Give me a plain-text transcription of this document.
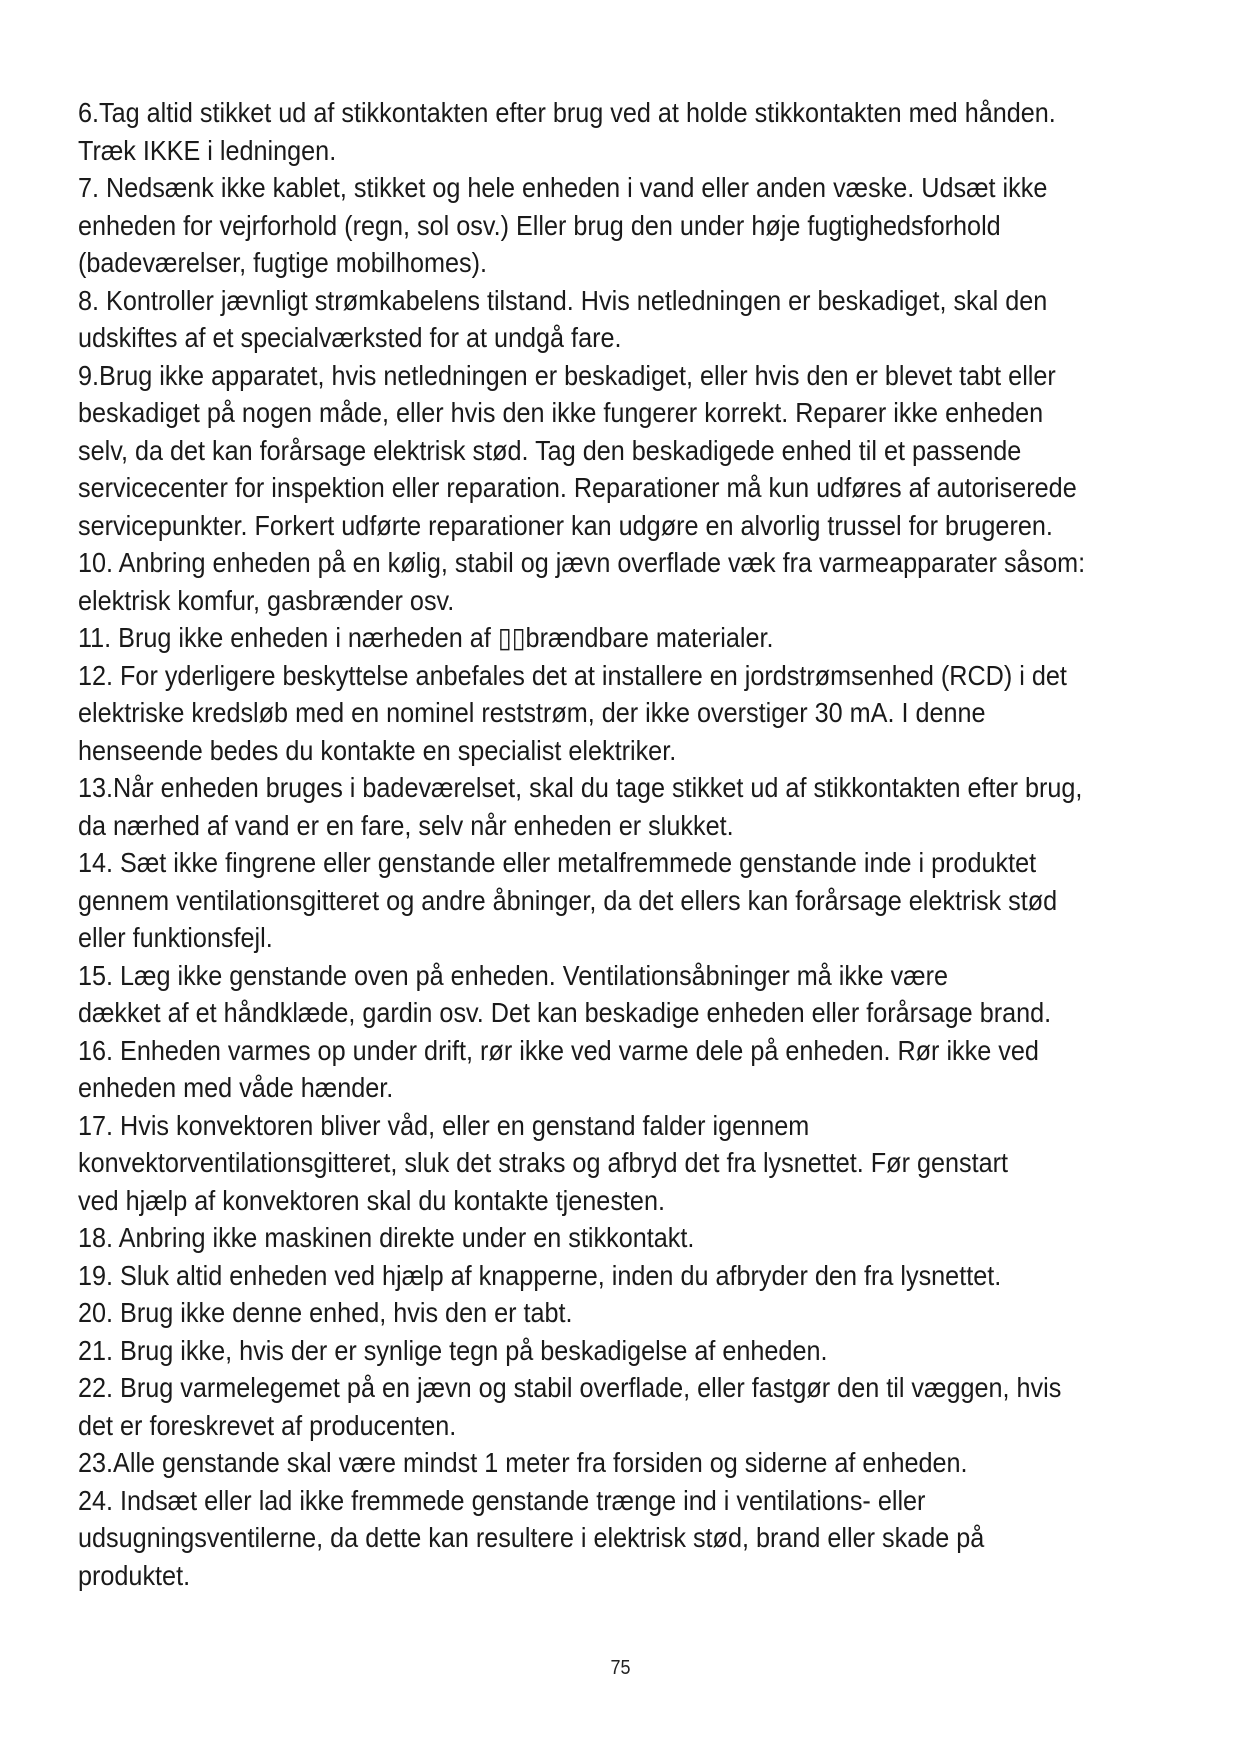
6.Tag altid stikket ud af stikkontakten efter brug ved at holde stikkontakten med hånden.
Træk IKKE i ledningen.

7. Nedsænk ikke kablet, stikket og hele enheden i vand eller anden væske. Udsæt ikke
enheden for vejrforhold (regn, sol osv.) Eller brug den under høje fugtighedsforhold
(badeværelser, fugtige mobilhomes).

8. Kontroller jævnligt strømkabelens tilstand. Hvis netledningen er beskadiget, skal den
udskiftes af et specialværksted for at undgå fare.

9.Brug ikke apparatet, hvis netledningen er beskadiget, eller hvis den er blevet tabt eller
beskadiget på nogen måde, eller hvis den ikke fungerer korrekt. Reparer ikke enheden
selv, da det kan forårsage elektrisk stød. Tag den beskadigede enhed til et passende
servicecenter for inspektion eller reparation. Reparationer må kun udføres af autoriserede
servicepunkter. Forkert udførte reparationer kan udgøre en alvorlig trussel for brugeren.

10. Anbring enheden på en kølig, stabil og jævn overflade væk fra varmeapparater såsom:
elektrisk komfur, gasbrænder osv.

11. Brug ikke enheden i nærheden af ▯▯brændbare materialer.

12. For yderligere beskyttelse anbefales det at installere en jordstrømsenhed (RCD) i det
elektriske kredsløb med en nominel reststrøm, der ikke overstiger 30 mA. I denne
henseende bedes du kontakte en specialist elektriker.

13.Når enheden bruges i badeværelset, skal du tage stikket ud af stikkontakten efter brug,
da nærhed af vand er en fare, selv når enheden er slukket.

14. Sæt ikke fingrene eller genstande eller metalfremmede genstande inde i produktet
gennem ventilationsgitteret og andre åbninger, da det ellers kan forårsage elektrisk stød
eller funktionsfejl.

15. Læg ikke genstande oven på enheden. Ventilationsåbninger må ikke være
dækket af et håndklæde, gardin osv. Det kan beskadige enheden eller forårsage brand.

16. Enheden varmes op under drift, rør ikke ved varme dele på enheden. Rør ikke ved
enheden med våde hænder.

17. Hvis konvektoren bliver våd, eller en genstand falder igennem
konvektorventilationsgitteret, sluk det straks og afbryd det fra lysnettet. Før genstart
ved hjælp af konvektoren skal du kontakte tjenesten.

18. Anbring ikke maskinen direkte under en stikkontakt.

19. Sluk altid enheden ved hjælp af knapperne, inden du afbryder den fra lysnettet.

20. Brug ikke denne enhed, hvis den er tabt.

21. Brug ikke, hvis der er synlige tegn på beskadigelse af enheden.

22. Brug varmelegemet på en jævn og stabil overflade, eller fastgør den til væggen, hvis
det er foreskrevet af producenten.

23.Alle genstande skal være mindst 1 meter fra forsiden og siderne af enheden.

24. Indsæt eller lad ikke fremmede genstande trænge ind i ventilations- eller
udsugningsventilerne, da dette kan resultere i elektrisk stød, brand eller skade på
produktet.

75
